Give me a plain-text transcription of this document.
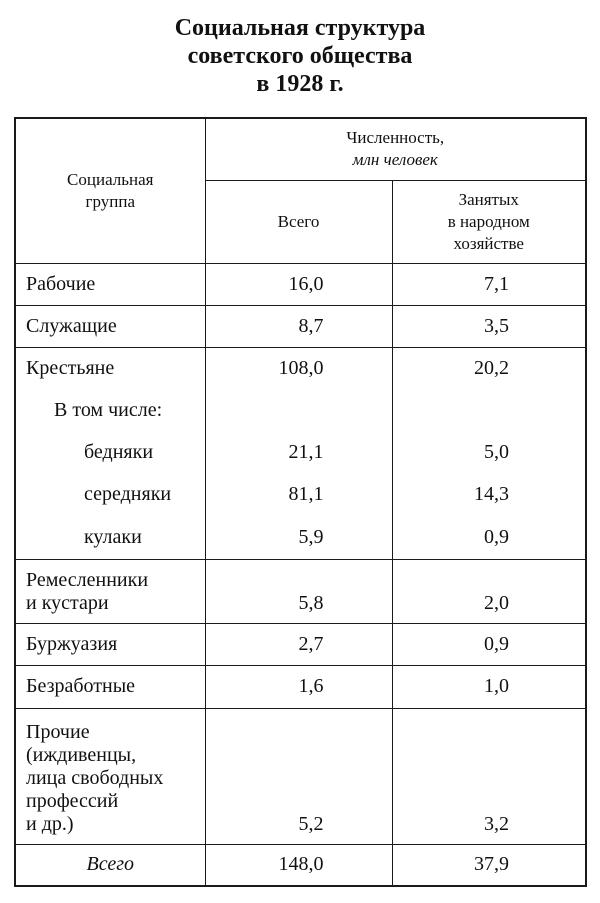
Социальная структура
советского общества
в 1928 г.
Социальная
группа	Численность,
млн человек	

	Всего	Занятых
в народном
хозяйстве

Рабочие	16,0	7,1
Служащие	8,7	3,5
Крестьяне	108,0	20,2
В том числе:		
бедняки	21,1	5,0
середняки	81,1	14,3
кулаки	5,9	0,9

Ремесленники
и кустари	5,8	2,0
Буржуазия	2,7	0,9
Безработные	1,6	1,0

Прочие
(иждивенцы,
лица свободных
профессий
и др.)	5,2	3,2
Всего	148,0	37,9
